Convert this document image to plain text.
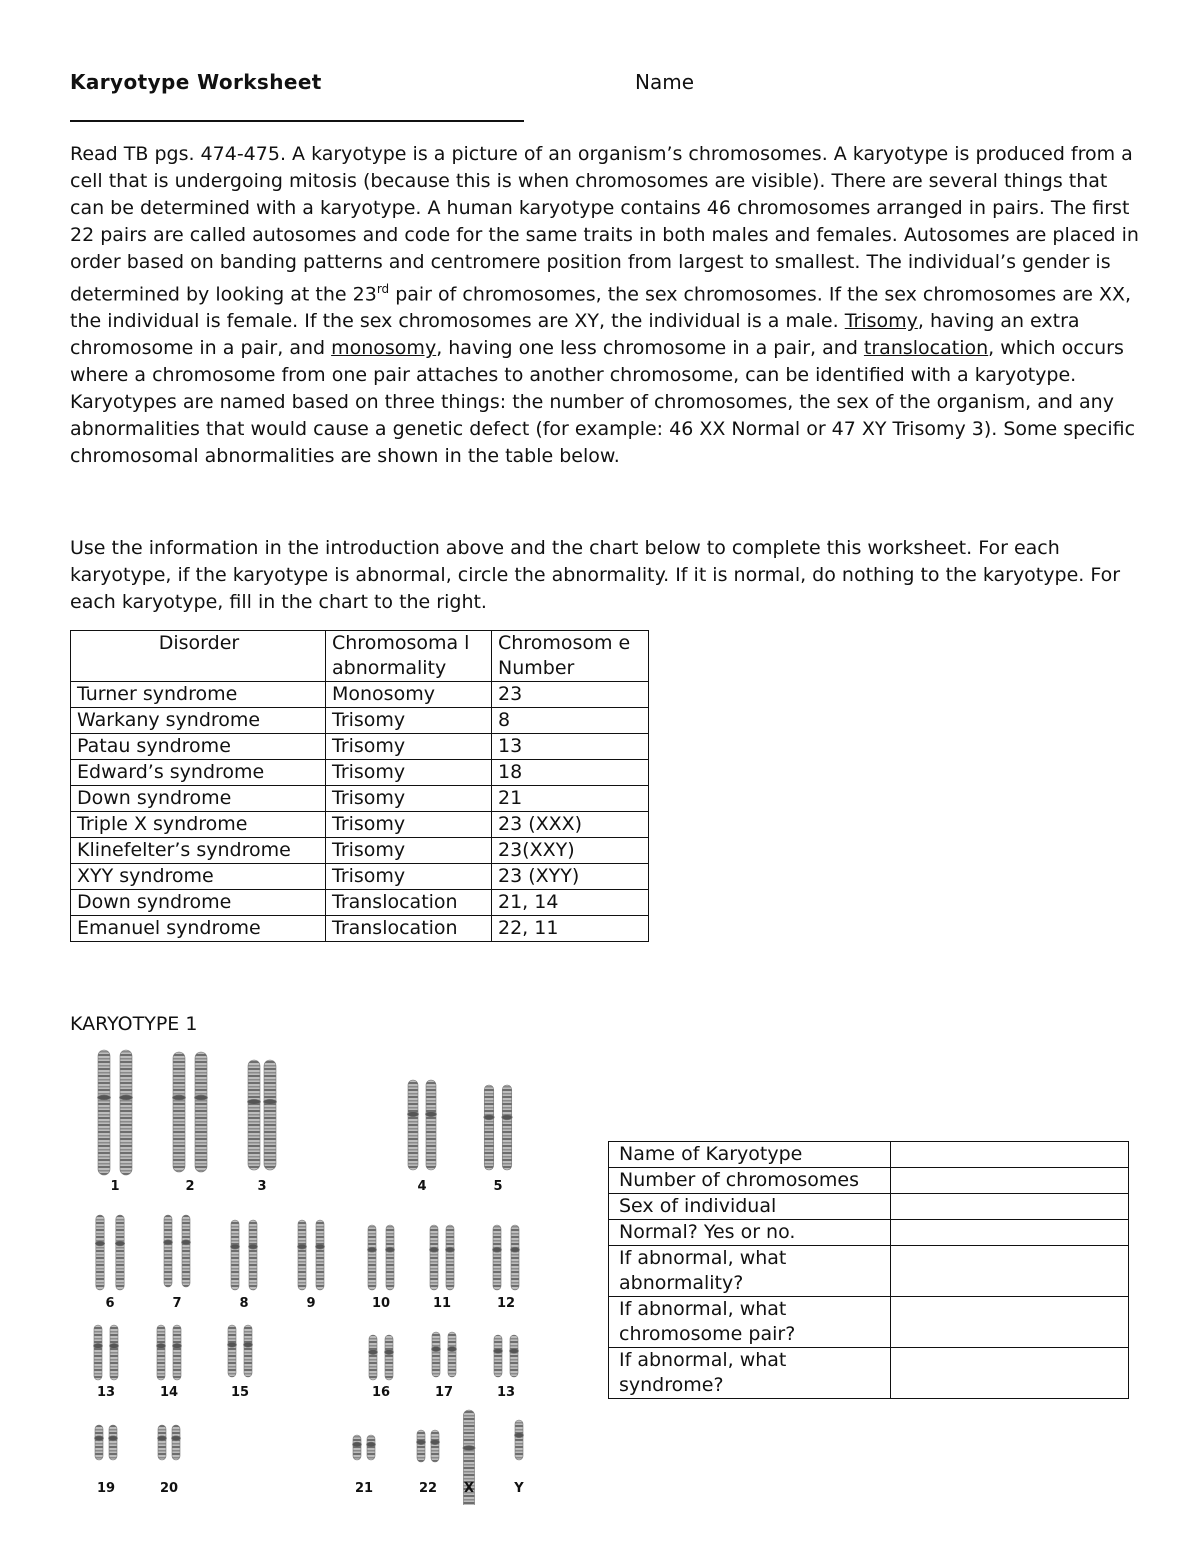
Karyotype Worksheet	Name
Read TB pgs. 474-475. A karyotype is a picture of an organism’s chromosomes. A karyotype is produced from a cell that is undergoing mitosis (because this is when chromosomes are visible). There are several things that can be determined with a karyotype. A human karyotype contains 46 chromosomes arranged in pairs. The first 22 pairs are called autosomes and code for the same traits in both males and females. Autosomes are placed in order based on banding patterns and centromere position from largest to smallest. The individual’s gender is determined by looking at the 23rd pair of chromosomes, the sex chromosomes. If the sex chromosomes are XX, the individual is female. If the sex chromosomes are XY, the individual is a male. Trisomy, having an extra chromosome in a pair, and monosomy, having one less chromosome in a pair, and translocation, which occurs where a chromosome from one pair attaches to another chromosome, can be identified with a karyotype. Karyotypes are named based on three things: the number of chromosomes, the sex of the organism, and any abnormalities that would cause a genetic defect (for example: 46 XX Normal or 47 XY Trisomy 3). Some specific chromosomal abnormalities are shown in the table below.
Use the information in the introduction above and the chart below to complete this worksheet. For each karyotype, if the karyotype is abnormal, circle the abnormality. If it is normal, do nothing to the karyotype. For each karyotype, fill in the chart to the right.
Disorder	Chromosoma l abnormality	Chromosom e Number
Turner syndrome	Monosomy	23
Warkany syndrome	Trisomy	8
Patau syndrome	Trisomy	13
Edward’s syndrome	Trisomy	18
Down syndrome	Trisomy	21
Triple X syndrome	Trisomy	23 (XXX)
Klinefelter’s syndrome	Trisomy	23(XXY)
XYY syndrome	Trisomy	23 (XYY)
Down syndrome	Translocation	21, 14
Emanuel syndrome	Translocation	22, 11
KARYOTYPE 1
1	2	3	4	5
6	7	8	9	10	11	12
13	14	15	16	17	13
19	20	21	22	X	Y
Name of Karyotype	
Number of chromosomes	
Sex of individual	
Normal? Yes or no.	
If abnormal, what abnormality?	
If abnormal, what chromosome pair?	
If abnormal, what syndrome?	
